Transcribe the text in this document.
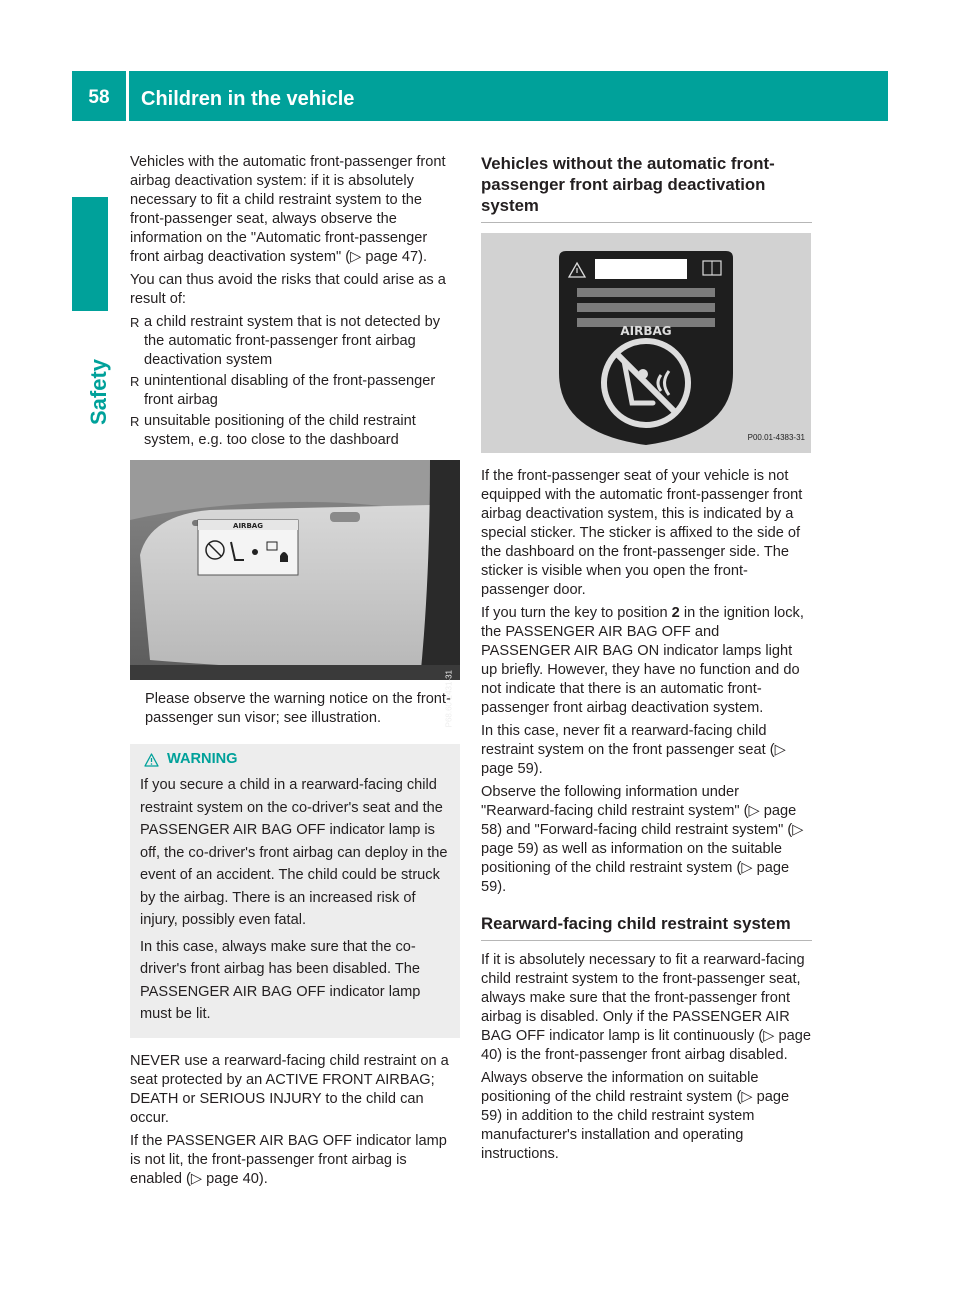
58	Children in the vehicle
Safety

Vehicles with the automatic front-passenger front airbag deactivation system: if it is absolutely necessary to fit a child restraint system to the front-passenger seat, always observe the information on the "Automatic front-passenger front airbag deactivation system" (▷ page 47).

You can thus avoid the risks that could arise as a result of:

R a child restraint system that is not detected by the automatic front-passenger front airbag deactivation system
R unintentional disabling of the front-passenger front airbag
R unsuitable positioning of the child restraint system, e.g. too close to the dashboard
AIRBAG
P68.60-2431-31

Please observe the warning notice on the front-passenger sun visor; see illustration.

WARNING

If you secure a child in a rearward-facing child restraint system on the co-driver's seat and the PASSENGER AIR BAG OFF indicator lamp is off, the co-driver's front airbag can deploy in the event of an accident. The child could be struck by the airbag. There is an increased risk of injury, possibly even fatal.

In this case, always make sure that the co-driver's front airbag has been disabled. The PASSENGER AIR BAG OFF indicator lamp must be lit.

NEVER use a rearward-facing child restraint on a seat protected by an ACTIVE FRONT AIRBAG; DEATH or SERIOUS INJURY to the child can occur.

If the PASSENGER AIR BAG OFF indicator lamp is not lit, the front-passenger front airbag is enabled (▷ page 40).

Vehicles without the automatic front-passenger front airbag deactivation system
AIRBAG
P00.01-4383-31

If the front-passenger seat of your vehicle is not equipped with the automatic front-passenger front airbag deactivation system, this is indicated by a special sticker. The sticker is affixed to the side of the dashboard on the front-passenger side. The sticker is visible when you open the front-passenger door.

If you turn the key to position 2 in the ignition lock, the PASSENGER AIR BAG OFF and PASSENGER AIR BAG ON indicator lamps light up briefly. However, they have no function and do not indicate that there is an automatic front-passenger front airbag deactivation system.

In this case, never fit a rearward-facing child restraint system on the front passenger seat (▷ page 59).

Observe the following information under "Rearward-facing child restraint system" (▷ page 58) and "Forward-facing child restraint system" (▷ page 59) as well as information on the suitable positioning of the child restraint system (▷ page 59).

Rearward-facing child restraint system

If it is absolutely necessary to fit a rearward-facing child restraint system to the front-passenger seat, always make sure that the front-passenger front airbag is disabled. Only if the PASSENGER AIR BAG OFF indicator lamp is lit continuously (▷ page 40) is the front-passenger front airbag disabled.

Always observe the information on suitable positioning of the child restraint system (▷ page 59) in addition to the child restraint system manufacturer's installation and operating instructions.
